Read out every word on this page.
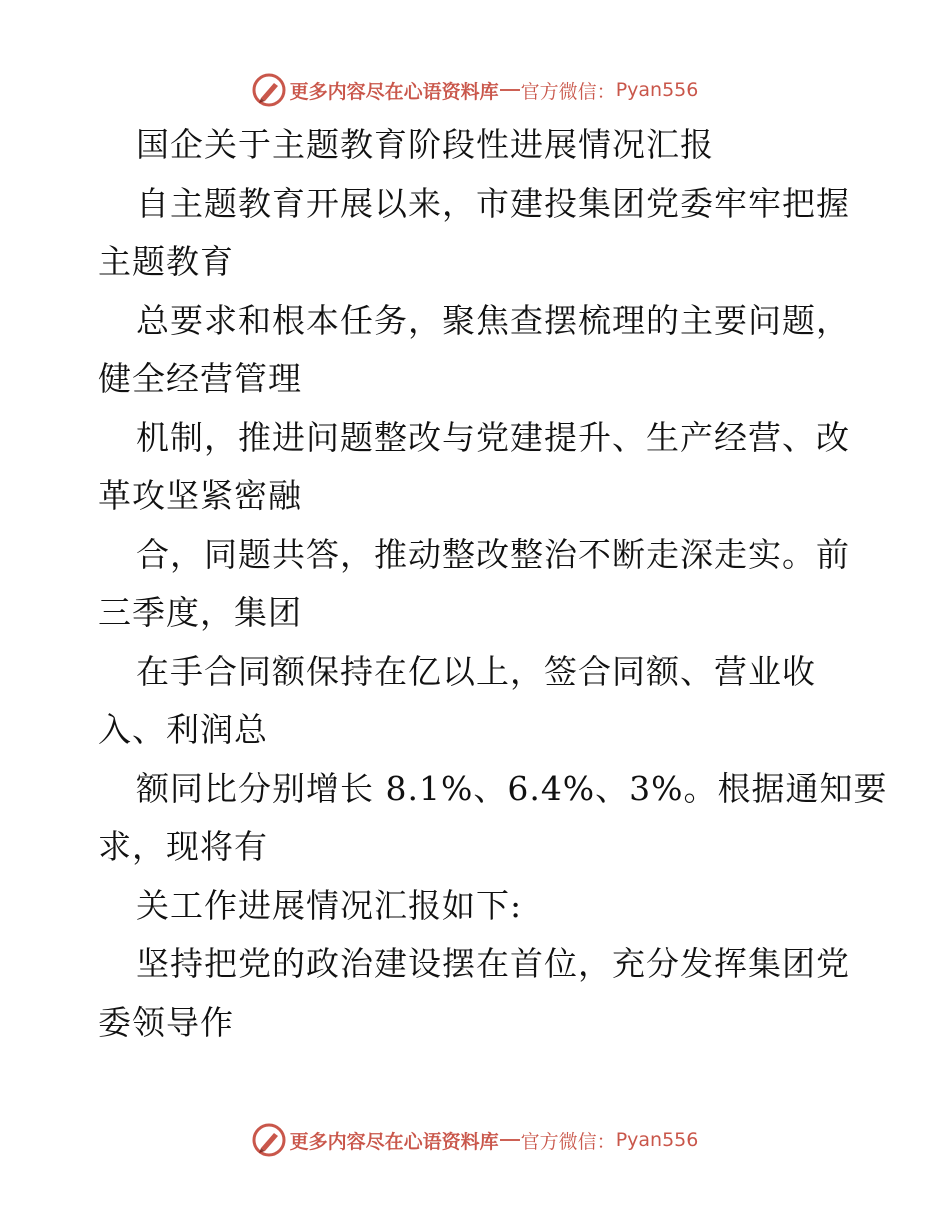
更多内容尽在心语资料库 官方微信： Pyan556
国企关于主题教育阶段性进展情况汇报
自主题教育开展以来，市建投集团党委牢牢把握
主题教育
总要求和根本任务，聚焦查摆梳理的主要问题，
健全经营管理
机制，推进问题整改与党建提升、生产经营、改
革攻坚紧密融
合，同题共答，推动整改整治不断走深走实。前
三季度，集团
在手合同额保持在亿以上，签合同额、营业收
入、利润总
额同比分别增长 8.1%、6.4%、3%。根据通知要
求，现将有
关工作进展情况汇报如下:
坚持把党的政治建设摆在首位，充分发挥集团党
委领导作
更多内容尽在心语资料库 官方微信： Pyan556
